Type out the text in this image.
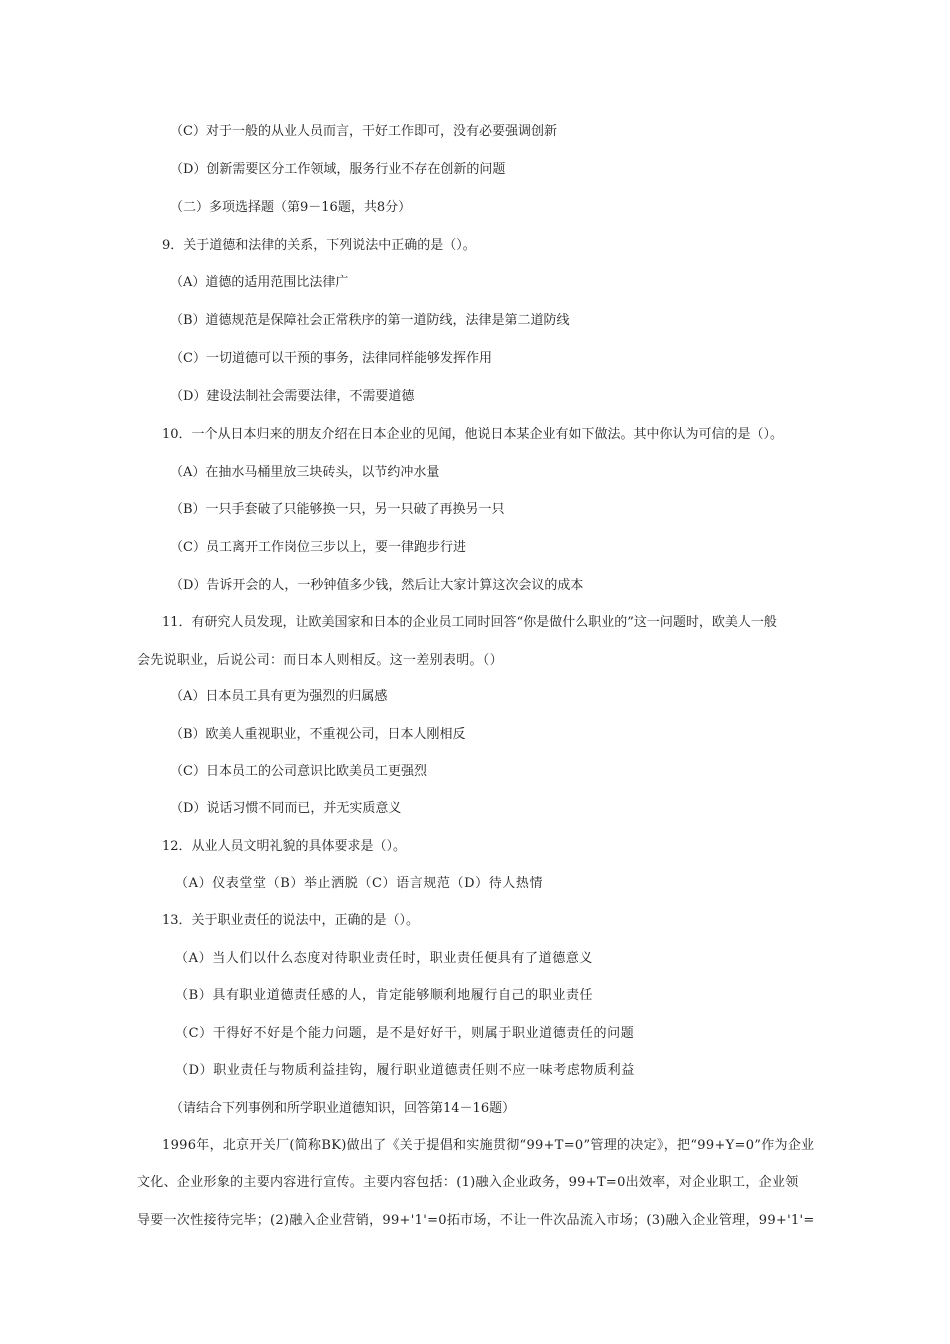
（C）对于一般的从业人员而言，干好工作即可，没有必要强调创新
（D）创新需要区分工作领域，服务行业不存在创新的问题
（二）多项选择题（第9－16题，共8分）
9．关于道德和法律的关系，下列说法中正确的是（）。
（A）道德的适用范围比法律广
（B）道德规范是保障社会正常秩序的第一道防线，法律是第二道防线
（C）一切道德可以干预的事务，法律同样能够发挥作用
（D）建设法制社会需要法律，不需要道德
10．一个从日本归来的朋友介绍在日本企业的见闻，他说日本某企业有如下做法。其中你认为可信的是（）。
（A）在抽水马桶里放三块砖头，以节约冲水量
（B）一只手套破了只能够换一只，另一只破了再换另一只
（C）员工离开工作岗位三步以上，要一律跑步行进
（D）告诉开会的人，一秒钟值多少钱，然后让大家计算这次会议的成本
11．有研究人员发现，让欧美国家和日本的企业员工同时回答“你是做什么职业的”这一问题时，欧美人一般
会先说职业，后说公司：而日本人则相反。这一差别表明。（）
（A）日本员工具有更为强烈的归属感
（B）欧美人重视职业，不重视公司，日本人刚相反
（C）日本员工的公司意识比欧美员工更强烈
（D）说话习惯不同而已，并无实质意义
12．从业人员文明礼貌的具体要求是（）。
（A）仪表堂堂（B）举止洒脱（C）语言规范（D）待人热情
13．关于职业责任的说法中，正确的是（）。
（A）当人们以什么态度对待职业责任时，职业责任便具有了道德意义
（B）具有职业道德责任感的人，肯定能够顺利地履行自己的职业责任
（C）干得好不好是个能力问题，是不是好好干，则属于职业道德责任的问题
（D）职业责任与物质利益挂钩，履行职业道德责任则不应一味考虑物质利益
（请结合下列事例和所学职业道德知识，回答第14－16题）
1996年，北京开关厂(简称BK)做出了《关于提倡和实施贯彻“99+T=0”管理的决定》，把“99+Y=0”作为企业
文化、企业形象的主要内容进行宣传。主要内容包括：(1)融入企业政务，99+T=0出效率，对企业职工，企业领
导要一次性接待完毕；(2)融入企业营销，99+'1'=0拓市场，不让一件次品流入市场；(3)融入企业管理，99+'1'=
